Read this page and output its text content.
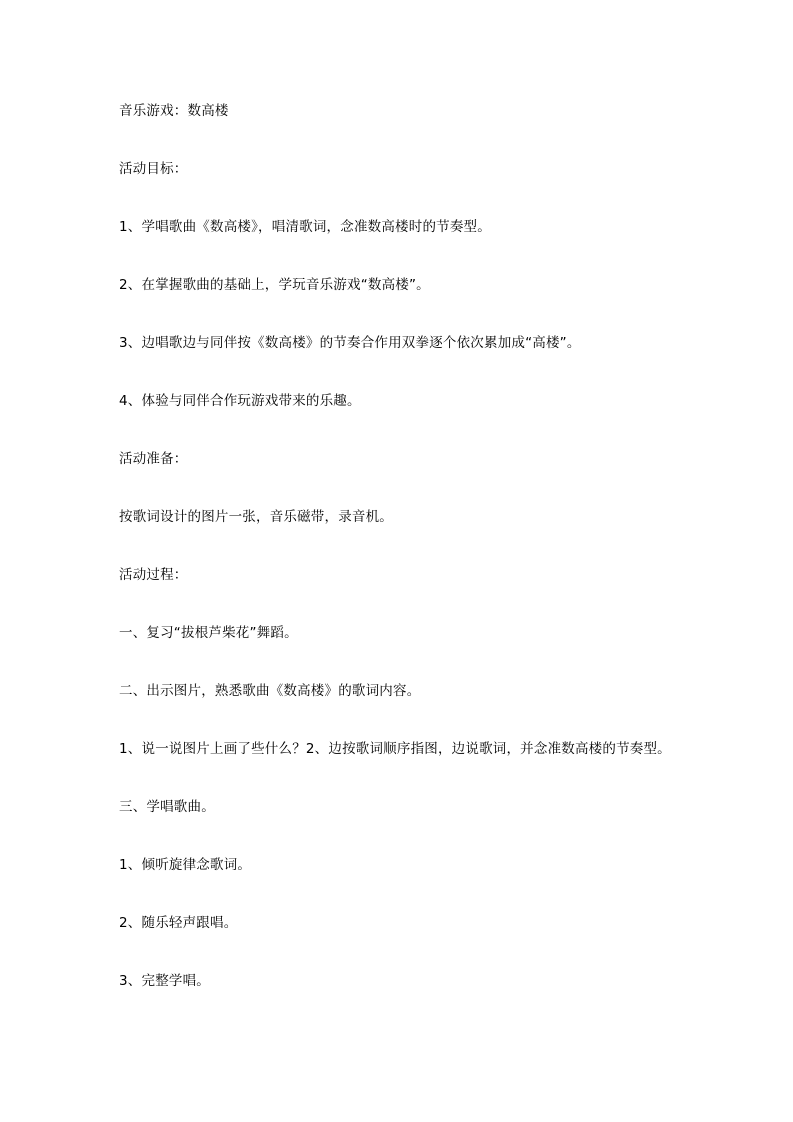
音乐游戏：数高楼
活动目标：
1、学唱歌曲《数高楼》，唱清歌词，念准数高楼时的节奏型。
2、在掌握歌曲的基础上，学玩音乐游戏“数高楼”。
3、边唱歌边与同伴按《数高楼》的节奏合作用双拳逐个依次累加成“高楼”。
4、体验与同伴合作玩游戏带来的乐趣。
活动准备：
按歌词设计的图片一张，音乐磁带，录音机。
活动过程：
一、复习“拔根芦柴花”舞蹈。
二、出示图片，熟悉歌曲《数高楼》的歌词内容。
1、说一说图片上画了些什么？2、边按歌词顺序指图，边说歌词，并念准数高楼的节奏型。
三、学唱歌曲。
1、倾听旋律念歌词。
2、随乐轻声跟唱。
3、完整学唱。
